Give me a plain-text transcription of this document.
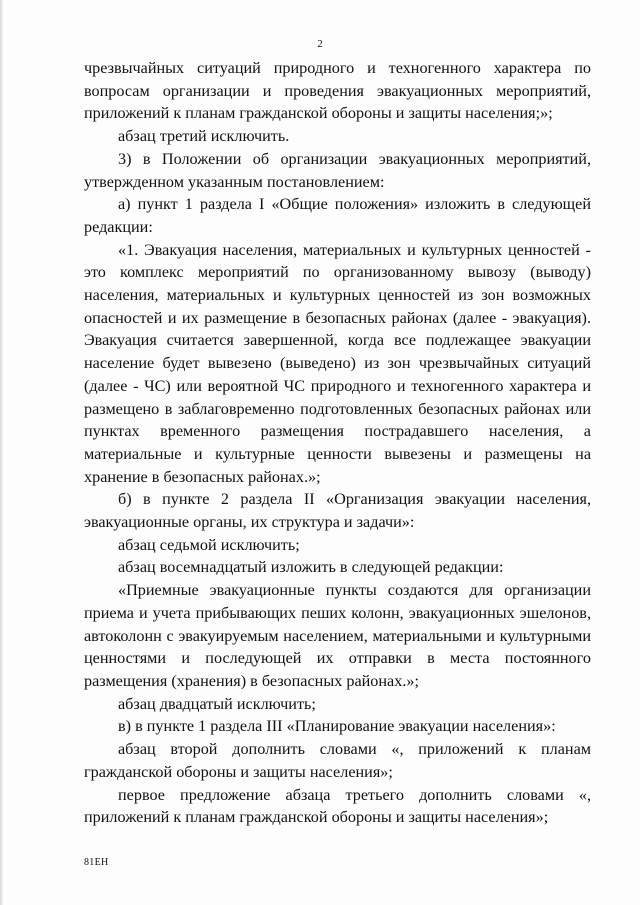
2

чрезвычайных ситуаций природного и техногенного характера по вопросам организации и проведения эвакуационных мероприятий, приложений к планам гражданской обороны и защиты населения;»;

абзац третий исключить.

3) в Положении об организации эвакуационных мероприятий, утвержденном указанным постановлением:

а) пункт 1 раздела I «Общие положения» изложить в следующей редакции:

«1. Эвакуация населения, материальных и культурных ценностей - это комплекс мероприятий по организованному вывозу (выводу) населения, материальных и культурных ценностей из зон возможных опасностей и их размещение в безопасных районах (далее - эвакуация). Эвакуация считается завершенной, когда все подлежащее эвакуации население будет вывезено (выведено) из зон чрезвычайных ситуаций (далее - ЧС) или вероятной ЧС природного и техногенного характера и размещено в заблаговременно подготовленных безопасных районах или пунктах временного размещения пострадавшего населения, а материальные и культурные ценности вывезены и размещены на хранение в безопасных районах.»;

б) в пункте 2 раздела II «Организация эвакуации населения, эвакуационные органы, их структура и задачи»:

абзац седьмой исключить;

абзац восемнадцатый изложить в следующей редакции:

«Приемные эвакуационные пункты создаются для организации приема и учета прибывающих пеших колонн, эвакуационных эшелонов, автоколонн с эвакуируемым населением, материальными и культурными ценностями и последующей их отправки в места постоянного размещения (хранения) в безопасных районах.»;

абзац двадцатый исключить;

в) в пункте 1 раздела III «Планирование эвакуации населения»:

абзац второй дополнить словами «, приложений к планам гражданской обороны и защиты населения»;

первое предложение абзаца третьего дополнить словами «, приложений к планам гражданской обороны и защиты населения»;

81ЕН
